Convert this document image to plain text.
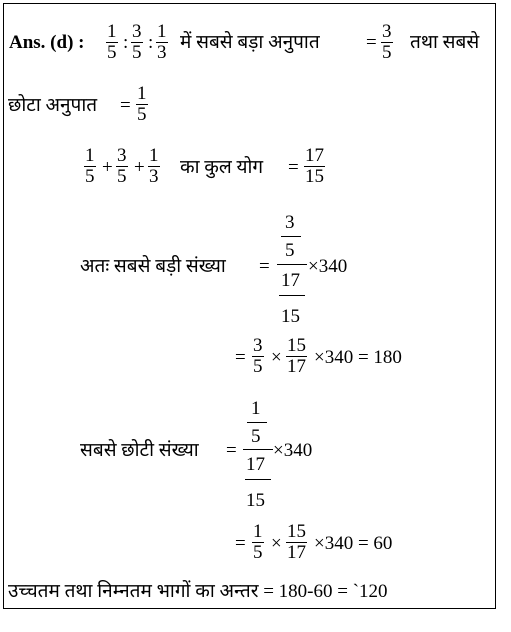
Ans. (d) :
1
5 :
3
5 :
1
3 में सबसे बड़ा अनुपात =
3
5 तथा सबसे
छोटा अनुपात =
1
5
1
5 +
3
5 +
1
3 का कुल योग =
17
15
अतः सबसे बड़ी संख्या =
3
5
17
15
×340
=
3
5 ×
15
17 ×340 = 180
सबसे छोटी संख्या =
1
5
17
15
×340
=
1
5 ×
15
17 ×340 = 60
उच्चतम तथा निम्नतम भागों का अन्तर = 180-60 = `120
